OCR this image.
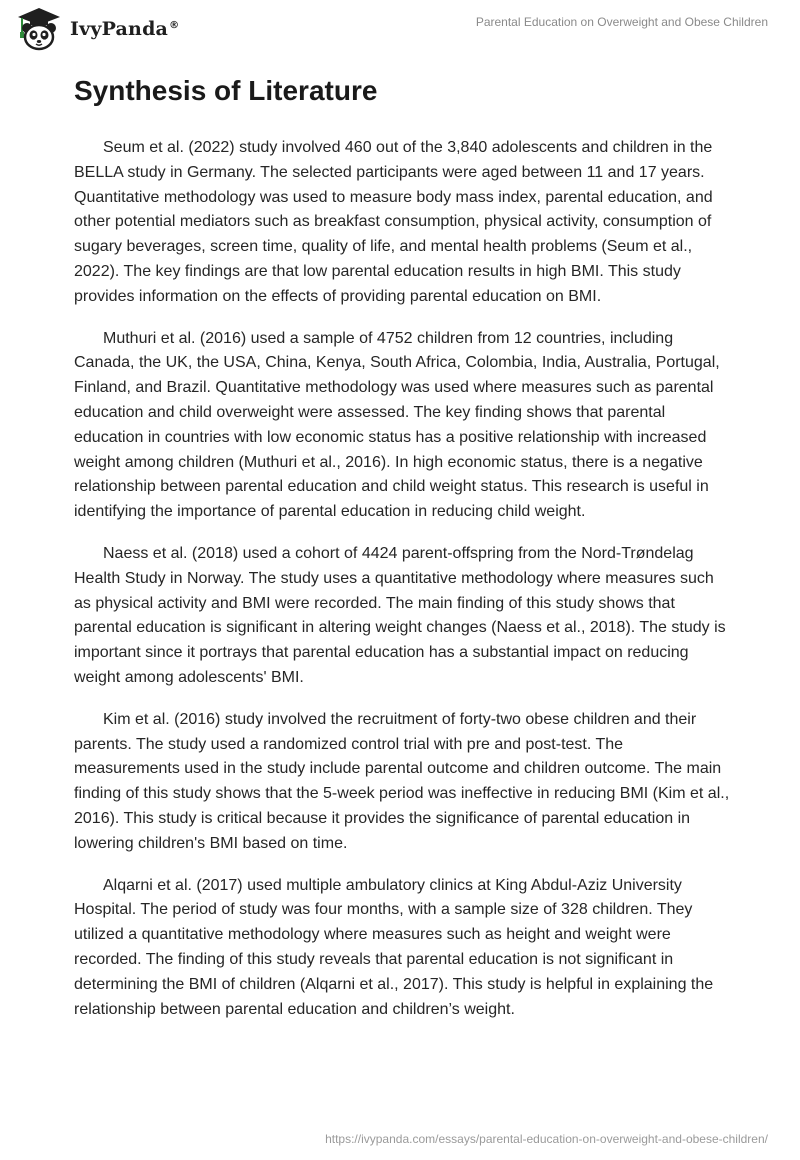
IvyPanda®	Parental Education on Overweight and Obese Children
Synthesis of Literature

Seum et al. (2022) study involved 460 out of the 3,840 adolescents and children in the BELLA study in Germany. The selected participants were aged between 11 and 17 years. Quantitative methodology was used to measure body mass index, parental education, and other potential mediators such as breakfast consumption, physical activity, consumption of sugary beverages, screen time, quality of life, and mental health problems (Seum et al., 2022). The key findings are that low parental education results in high BMI. This study provides information on the effects of providing parental education on BMI.

Muthuri et al. (2016) used a sample of 4752 children from 12 countries, including Canada, the UK, the USA, China, Kenya, South Africa, Colombia, India, Australia, Portugal, Finland, and Brazil. Quantitative methodology was used where measures such as parental education and child overweight were assessed. The key finding shows that parental education in countries with low economic status has a positive relationship with increased weight among children (Muthuri et al., 2016). In high economic status, there is a negative relationship between parental education and child weight status. This research is useful in identifying the importance of parental education in reducing child weight.

Naess et al. (2018) used a cohort of 4424 parent-offspring from the Nord-Trøndelag Health Study in Norway. The study uses a quantitative methodology where measures such as physical activity and BMI were recorded. The main finding of this study shows that parental education is significant in altering weight changes (Naess et al., 2018). The study is important since it portrays that parental education has a substantial impact on reducing weight among adolescents' BMI.

Kim et al. (2016) study involved the recruitment of forty-two obese children and their parents. The study used a randomized control trial with pre and post-test. The measurements used in the study include parental outcome and children outcome. The main finding of this study shows that the 5-week period was ineffective in reducing BMI (Kim et al., 2016). This study is critical because it provides the significance of parental education in lowering children's BMI based on time.

Alqarni et al. (2017) used multiple ambulatory clinics at King Abdul-Aziz University Hospital. The period of study was four months, with a sample size of 328 children. They utilized a quantitative methodology where measures such as height and weight were recorded. The finding of this study reveals that parental education is not significant in determining the BMI of children (Alqarni et al., 2017). This study is helpful in explaining the relationship between parental education and children’s weight.

https://ivypanda.com/essays/parental-education-on-overweight-and-obese-children/
